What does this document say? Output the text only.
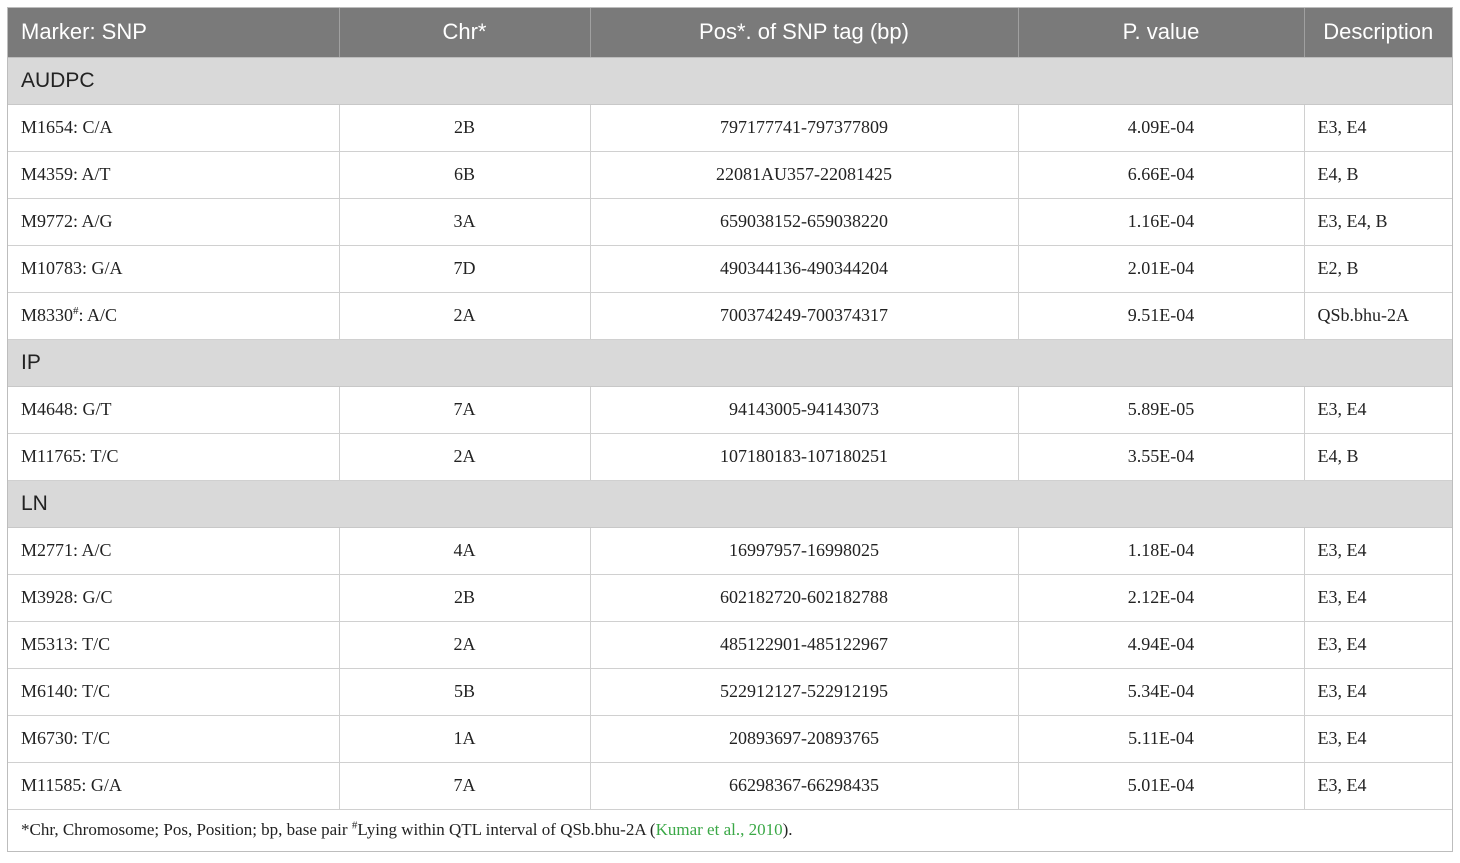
Marker: SNP	Chr*	Pos*. of SNP tag (bp)	P. value	Description
AUDPC				
M1654: C/A	2B	797177741-797377809	4.09E-04	E3, E4
M4359: A/T	6B	22081AU357-22081425	6.66E-04	E4, B
M9772: A/G	3A	659038152-659038220	1.16E-04	E3, E4, B
M10783: G/A	7D	490344136-490344204	2.01E-04	E2, B
M8330#: A/C	2A	700374249-700374317	9.51E-04	QSb.bhu-2A
IP				
M4648: G/T	7A	94143005-94143073	5.89E-05	E3, E4
M11765: T/C	2A	107180183-107180251	3.55E-04	E4, B
LN				
M2771: A/C	4A	16997957-16998025	1.18E-04	E3, E4
M3928: G/C	2B	602182720-602182788	2.12E-04	E3, E4
M5313: T/C	2A	485122901-485122967	4.94E-04	E3, E4
M6140: T/C	5B	522912127-522912195	5.34E-04	E3, E4
M6730: T/C	1A	20893697-20893765	5.11E-04	E3, E4
M11585: G/A	7A	66298367-66298435	5.01E-04	E3, E4
*Chr, Chromosome; Pos, Position; bp, base pair #Lying within QTL interval of QSb.bhu-2A (Kumar et al., 2010).				
